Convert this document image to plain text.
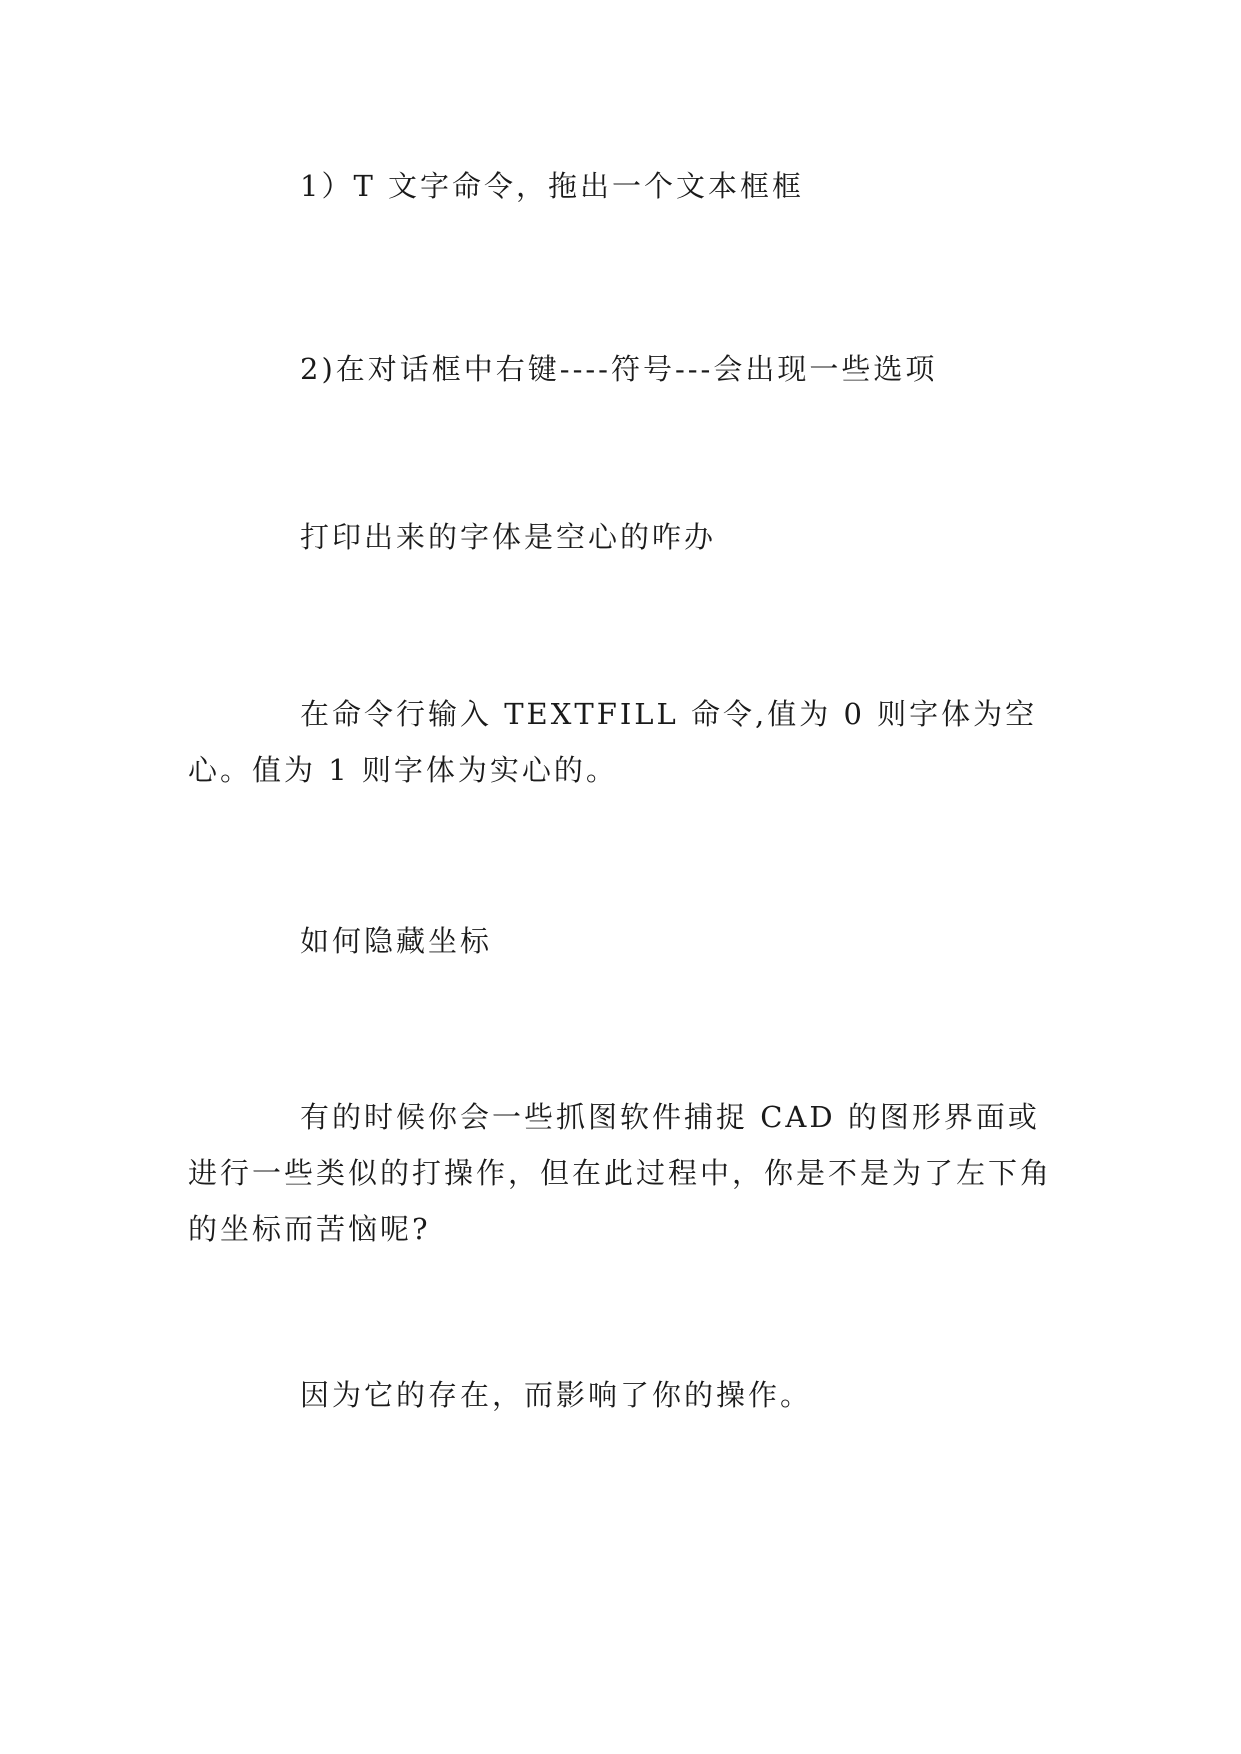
1）T 文字命令，拖出一个文本框框

2)在对话框中右键----符号---会出现一些选项

打印出来的字体是空心的咋办

在命令行输入 TEXTFILL 命令,值为 0 则字体为空心。值为 1 则字体为实心的。

如何隐藏坐标

有的时候你会一些抓图软件捕捉 CAD 的图形界面或进行一些类似的打操作，但在此过程中，你是不是为了左下角的坐标而苦恼呢?

因为它的存在，而影响了你的操作。
